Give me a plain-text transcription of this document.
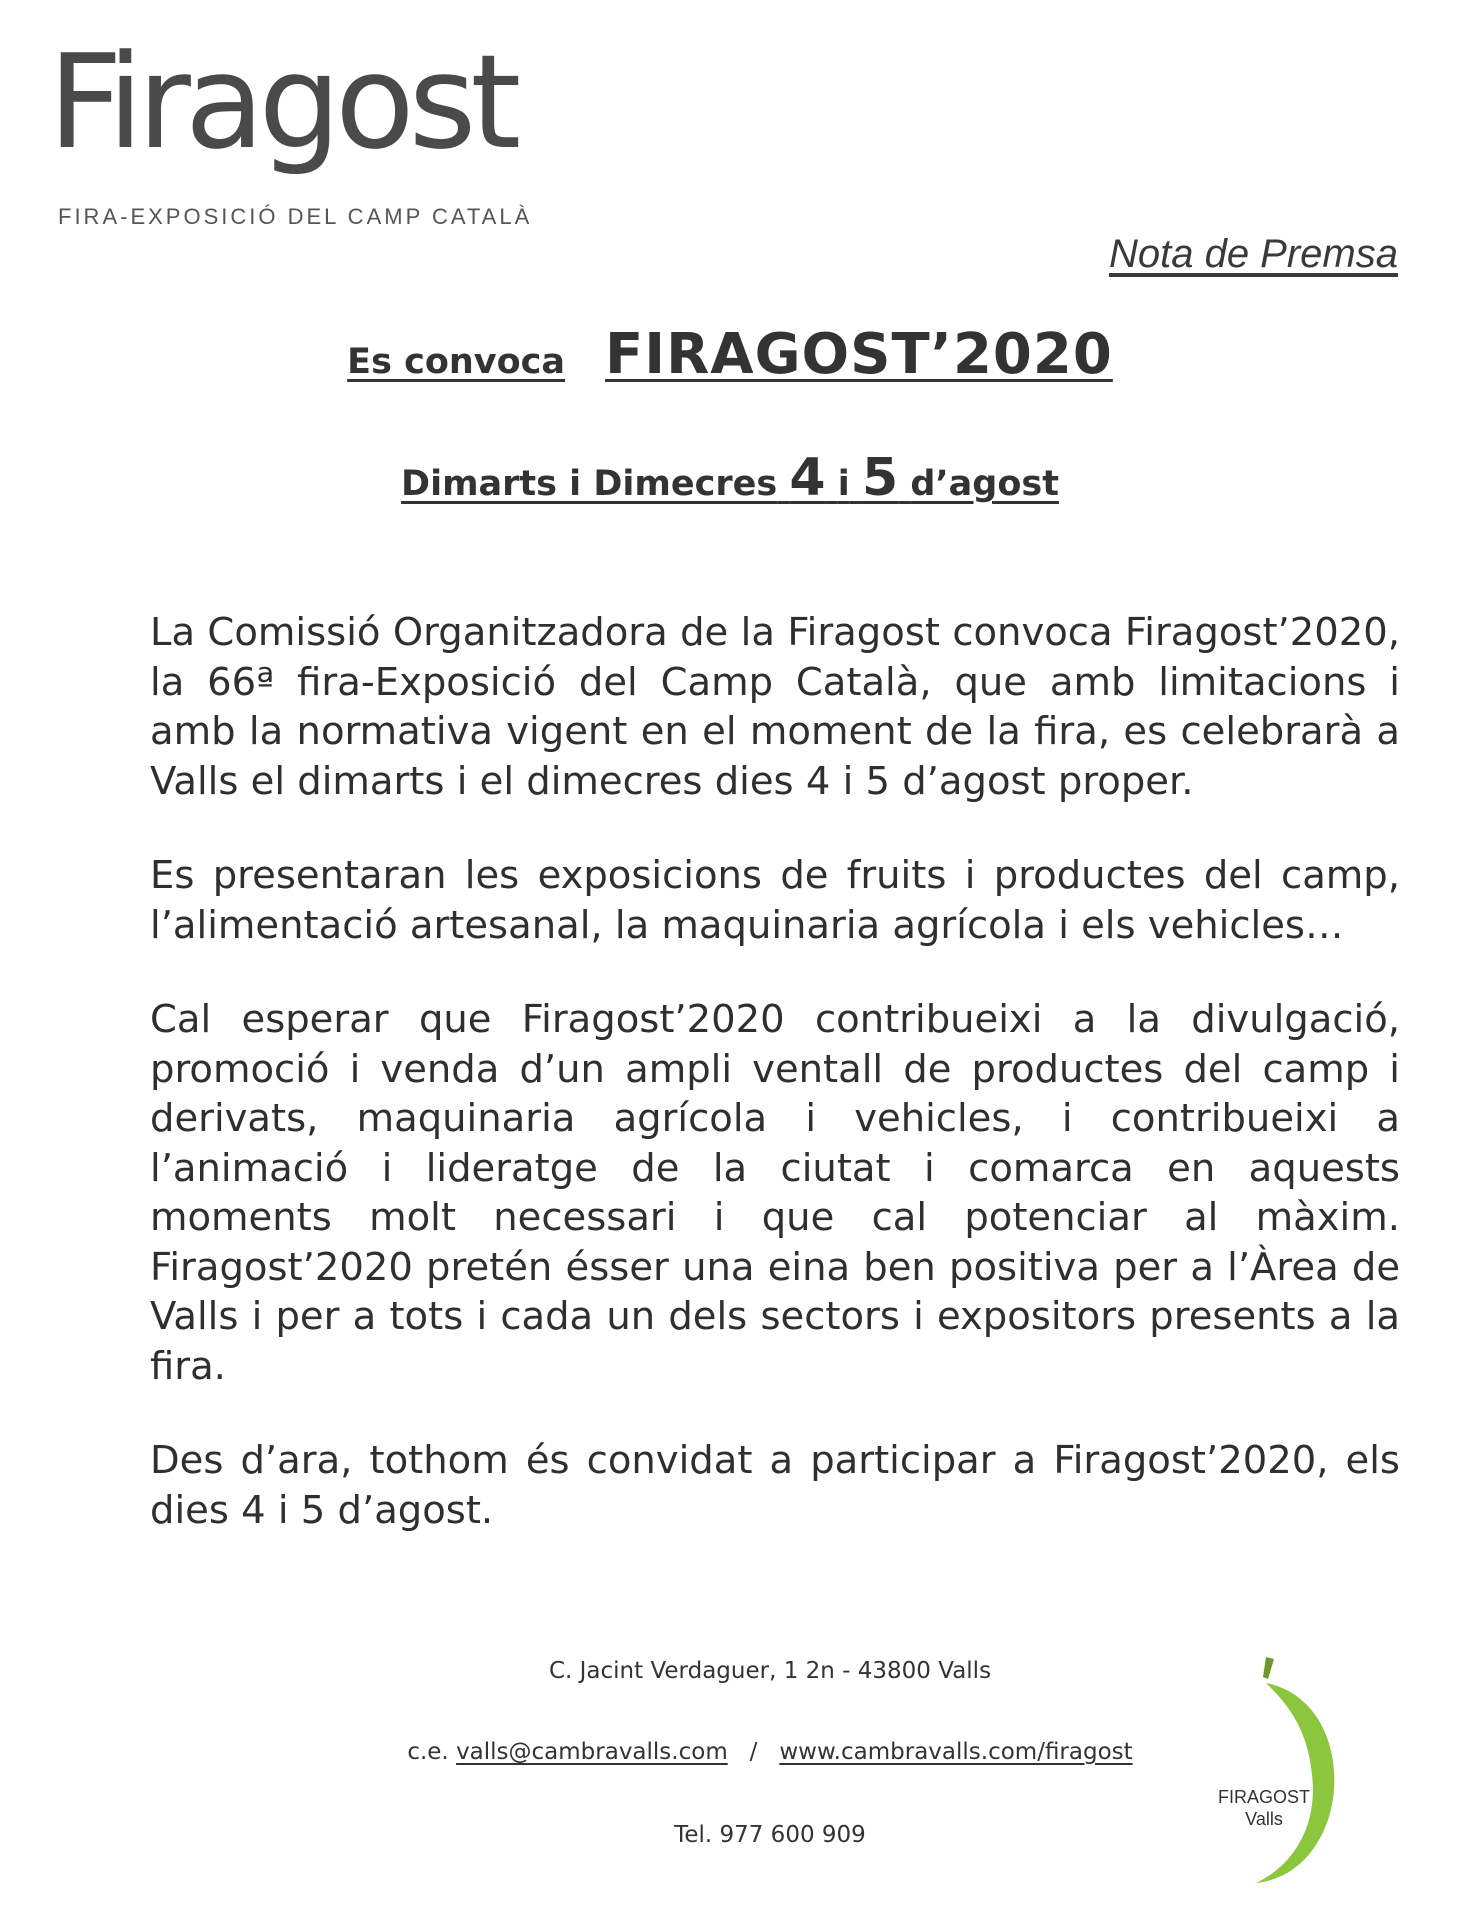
Firagost
FIRA-EXPOSICIÓ DEL CAMP CATALÀ
Nota de Premsa
Es convoca FIRAGOST’2020
Dimarts i Dimecres 4 i 5 d’agost

La Comissió Organitzadora de la Firagost convoca Firagost’2020, la 66ª fira-Exposició del Camp Català, que amb limitacions i amb la normativa vigent en el moment de la fira, es celebrarà a Valls el dimarts i el dimecres dies 4 i 5 d’agost proper.

Es presentaran les exposicions de fruits i productes del camp, l’alimentació artesanal, la maquinaria agrícola i els vehicles…

Cal esperar que Firagost’2020 contribueixi a la divulgació, promoció i venda d’un ampli ventall de productes del camp i derivats, maquinaria agrícola i vehicles, i contribueixi a l’animació i lideratge de la ciutat i comarca en aquests moments molt necessari i que cal potenciar al màxim. Firagost’2020 pretén ésser una eina ben positiva per a l’Àrea de Valls i per a tots i cada un dels sectors i expositors presents a la fira.

Des d’ara, tothom és convidat a participar a Firagost’2020, els dies 4 i 5 d’agost.

C. Jacint Verdaguer, 1 2n - 43800 Valls
c.e. valls@cambravalls.com / www.cambravalls.com/firagost
Tel. 977 600 909
FIRAGOST
Valls
